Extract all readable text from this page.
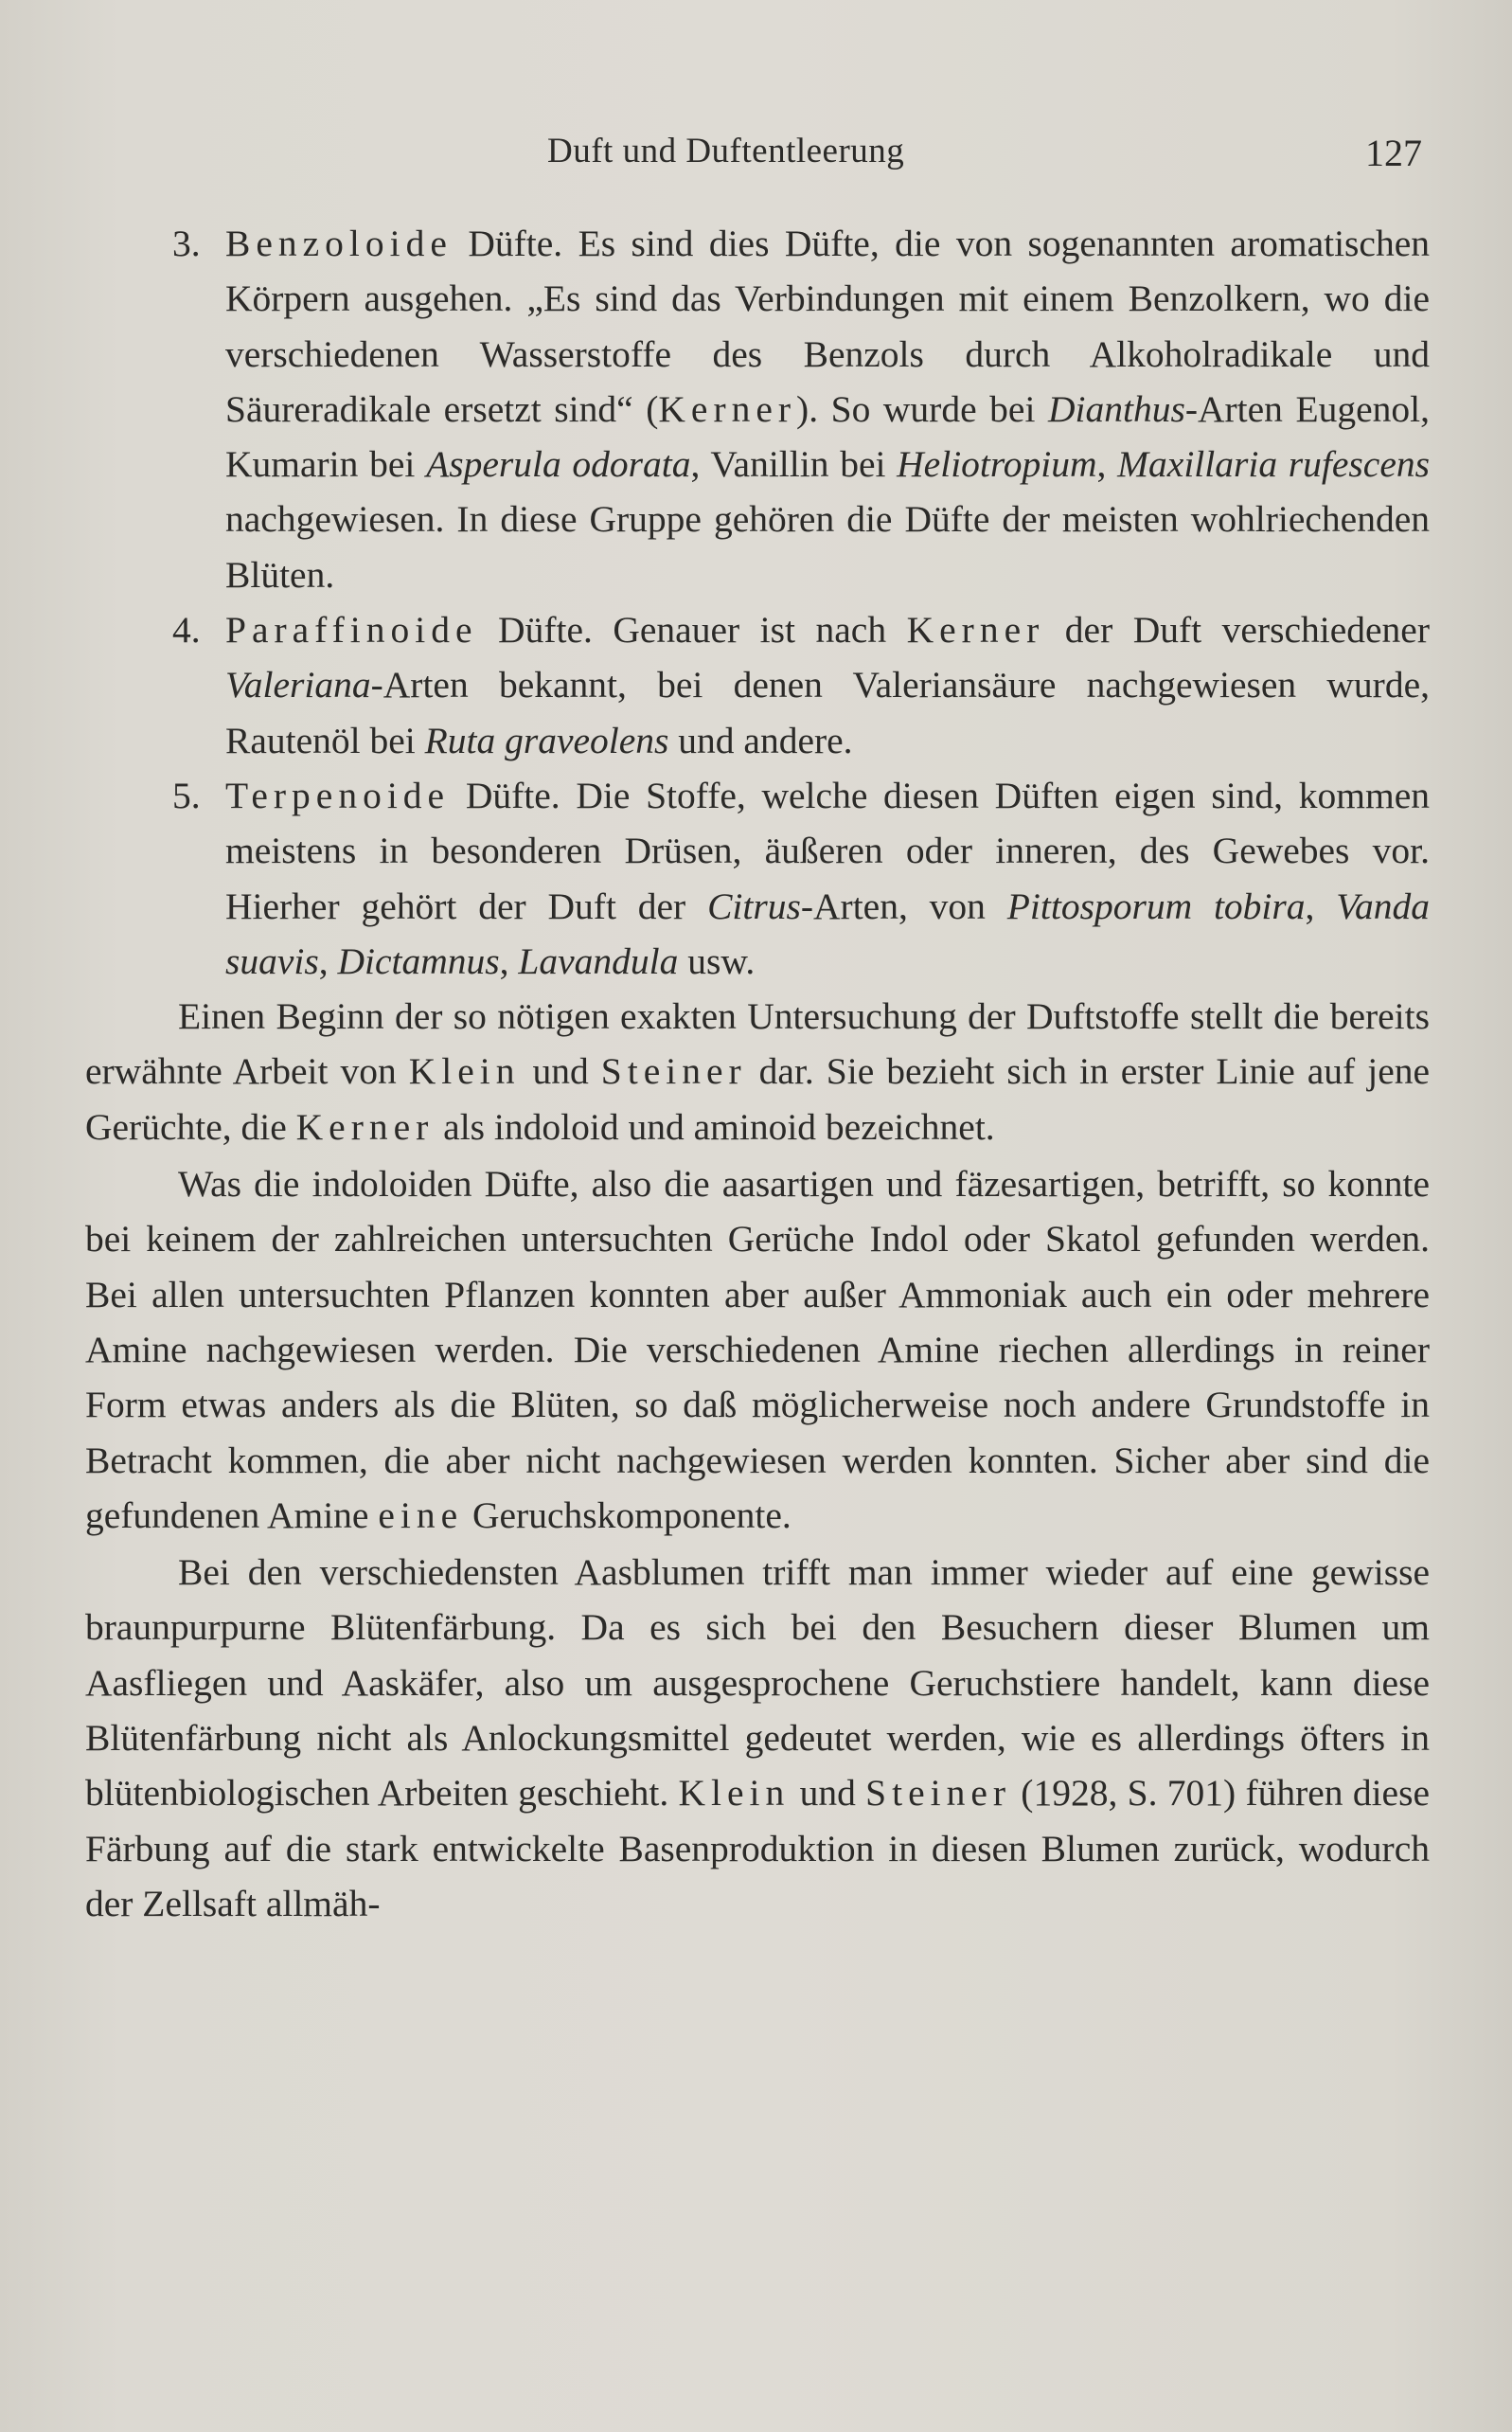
Duft und Duftentleerung	127

3. Benzoloide Düfte. Es sind dies Düfte, die von sogenannten aromatischen Körpern ausgehen. „Es sind das Verbindungen mit einem Benzolkern, wo die verschiedenen Wasserstoffe des Benzols durch Alkoholradikale und Säureradikale ersetzt sind“ (Kerner). So wurde bei Dianthus-Arten Eugenol, Kumarin bei Asperula odorata, Vanillin bei Heliotropium, Maxillaria rufescens nachgewiesen. In diese Gruppe gehören die Düfte der meisten wohlriechenden Blüten.

4. Paraffinoide Düfte. Genauer ist nach Kerner der Duft verschiedener Valeriana-Arten bekannt, bei denen Valeriansäure nachgewiesen wurde, Rautenöl bei Ruta graveolens und andere.

5. Terpenoide Düfte. Die Stoffe, welche diesen Düften eigen sind, kommen meistens in besonderen Drüsen, äußeren oder inneren, des Gewebes vor. Hierher gehört der Duft der Citrus-Arten, von Pittosporum tobira, Vanda suavis, Dictamnus, Lavandula usw.

Einen Beginn der so nötigen exakten Untersuchung der Duftstoffe stellt die bereits erwähnte Arbeit von Klein und Steiner dar. Sie bezieht sich in erster Linie auf jene Gerüchte, die Kerner als indoloid und aminoid bezeichnet.

Was die indoloiden Düfte, also die aasartigen und fäzesartigen, betrifft, so konnte bei keinem der zahlreichen untersuchten Gerüche Indol oder Skatol gefunden werden. Bei allen untersuchten Pflanzen konnten aber außer Ammoniak auch ein oder mehrere Amine nachgewiesen werden. Die verschiedenen Amine riechen allerdings in reiner Form etwas anders als die Blüten, so daß möglicherweise noch andere Grundstoffe in Betracht kommen, die aber nicht nachgewiesen werden konnten. Sicher aber sind die gefundenen Amine eine Geruchskomponente.

Bei den verschiedensten Aasblumen trifft man immer wieder auf eine gewisse braunpurpurne Blütenfärbung. Da es sich bei den Besuchern dieser Blumen um Aasfliegen und Aaskäfer, also um ausgesprochene Geruchstiere handelt, kann diese Blütenfärbung nicht als Anlockungsmittel gedeutet werden, wie es allerdings öfters in blütenbiologischen Arbeiten geschieht. Klein und Steiner (1928, S. 701) führen diese Färbung auf die stark entwickelte Basenproduktion in diesen Blumen zurück, wodurch der Zellsaft allmäh-
